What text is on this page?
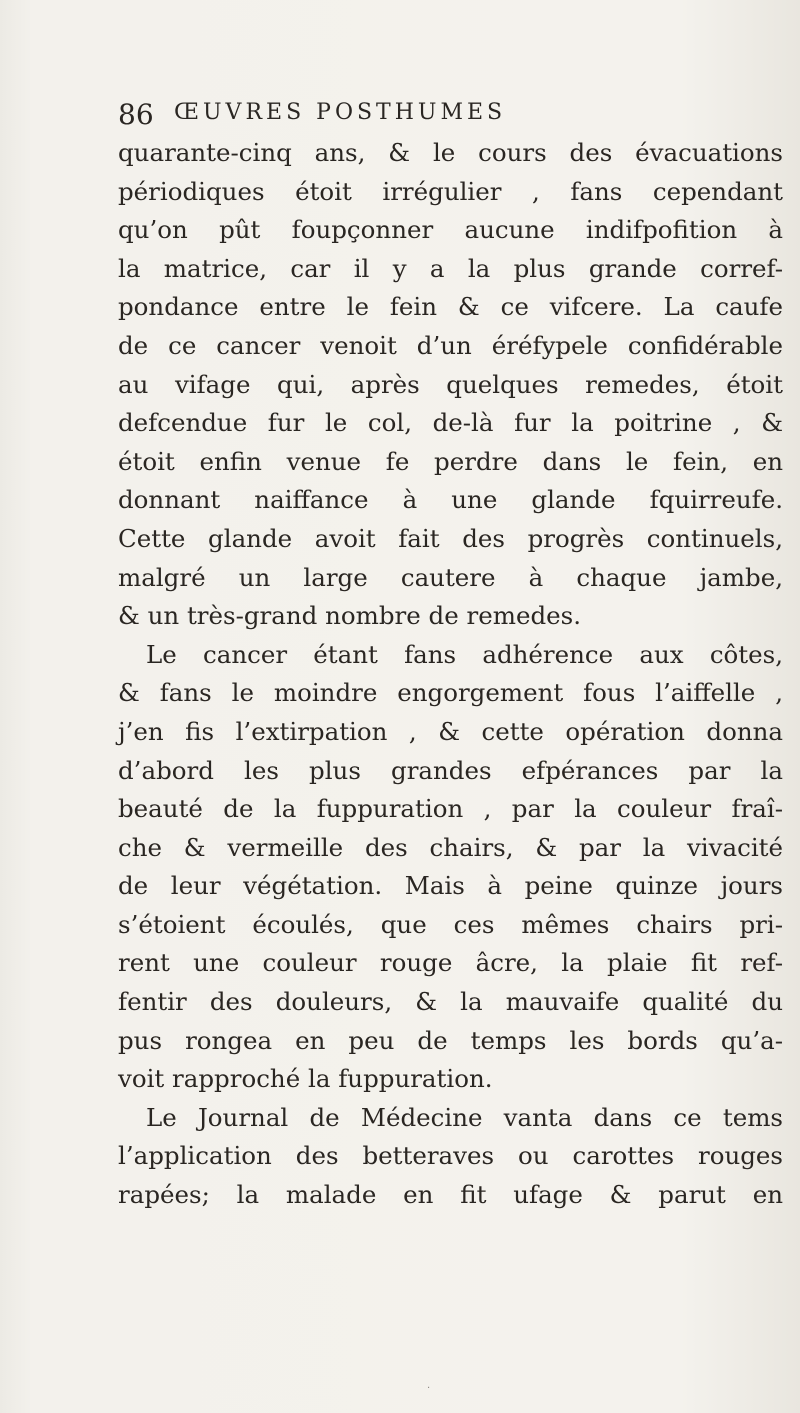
86 ŒUVRES POSTHUMES
quarante-cinq ans, & le cours des évacuations
périodiques étoit irrégulier , fans cependant
qu’on pût foupçonner aucune indifpofition à
la matrice, car il y a la plus grande corref-
pondance entre le fein & ce vifcere. La caufe
de ce cancer venoit d’un éréfypele confidérable
au vifage qui, après quelques remedes, étoit
defcendue fur le col, de-là fur la poitrine , &
étoit enfin venue fe perdre dans le fein, en
donnant naiffance à une glande fquirreufe.
Cette glande avoit fait des progrès continuels,
malgré un large cautere à chaque jambe,
& un très-grand nombre de remedes.
Le cancer étant fans adhérence aux côtes,
& fans le moindre engorgement fous l’aiffelle ,
j’en fis l’extirpation , & cette opération donna
d’abord les plus grandes efpérances par la
beauté de la fuppuration , par la couleur fraî-
che & vermeille des chairs, & par la vivacité
de leur végétation. Mais à peine quinze jours
s’étoient écoulés, que ces mêmes chairs pri-
rent une couleur rouge âcre, la plaie fit ref-
fentir des douleurs, & la mauvaife qualité du
pus rongea en peu de temps les bords qu’a-
voit rapproché la fuppuration.
Le Journal de Médecine vanta dans ce tems
l’application des betteraves ou carottes rouges
rapées; la malade en fit ufage & parut en
·
